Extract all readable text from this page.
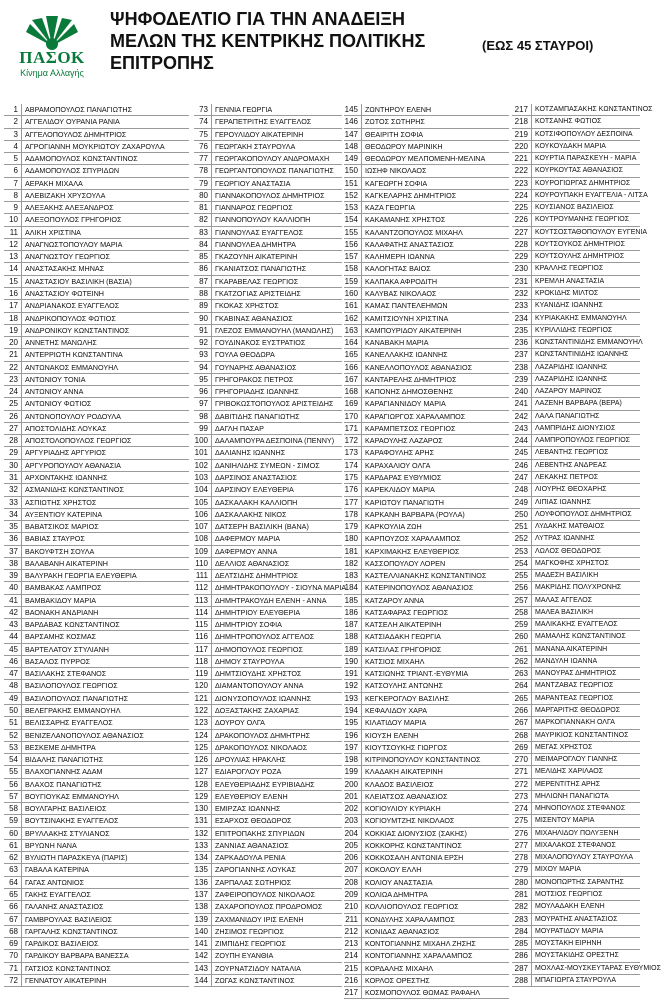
ΠΑΣΟΚ
Κίνημα Αλλαγής
ΨΗΦΟΔΕΛΤΙΟ ΓΙΑ ΤΗΝ ΑΝΑΔΕΙΞΗ
ΜΕΛΩΝ ΤΗΣ ΚΕΝΤΡΙΚΗΣ ΠΟΛΙΤΙΚΗΣ
ΕΠΙΤΡΟΠΗΣ
(ΕΩΣ 45 ΣΤΑΥΡΟΙ)
1 ΑΒΡΑΜΟΠΟΥΛΟΣ ΠΑΝΑΓΙΩΤΗΣ
2 ΑΓΓΕΛΙΔΟΥ ΟΥΡΑΝΙΑ ΡΑΝΙΑ
3 ΑΓΓΕΛΟΠΟΥΛΟΣ ΔΗΜΗΤΡΙΟΣ
4 ΑΓΡΟΓΙΑΝΝΗ ΜΟΥΚΡΙΩΤΟΥ ΖΑΧΑΡΟΥΛΑ
5 ΑΔΑΜΟΠΟΥΛΟΣ ΚΩΝΣΤΑΝΤΙΝΟΣ
6 ΑΔΑΜΟΠΟΥΛΟΣ ΣΠΥΡΙΔΩΝ
7 ΑΕΡΑΚΗ ΜΙΧΑΛΑ
8 ΑΛΕΒΙΖΑΚΗ ΧΡΥΣΟΥΛΑ
9 ΑΛΕΞΑΚΗΣ ΑΛΕΞΑΝΔΡΟΣ
10 ΑΛΕΞΟΠΟΥΛΟΣ ΓΡΗΓΟΡΙΟΣ
11 ΑΛΙΚΗ ΧΡΙΣΤΙΝΑ
12 ΑΝΑΓΝΩΣΤΟΠΟΥΛΟΥ ΜΑΡΙΑ
13 ΑΝΑΓΝΩΣΤΟΥ ΓΕΩΡΓΙΟΣ
14 ΑΝΑΣΤΑΣΑΚΗΣ ΜΗΝΑΣ
15 ΑΝΑΣΤΑΣΙΟΥ ΒΑΣΙΛΙΚΗ (ΒΑΣΙΑ)
16 ΑΝΑΣΤΑΣΙΟΥ ΦΩΤΕΙΝΗ
17 ΑΝΔΡΙΑΝΑΚΟΣ ΕΥΑΓΓΕΛΟΣ
18 ΑΝΔΡΙΚΟΠΟΥΛΟΣ ΦΩΤΙΟΣ
19 ΑΝΔΡΟΝΙΚΟΥ ΚΩΝΣΤΑΝΤΙΝΟΣ
20 ΑΝΝΕΤΗΣ ΜΑΝΩΛΗΣ
21 ΑΝΤΕΡΡΙΩΤΗ ΚΩΝΣΤΑΝΤΙΝΑ
22 ΑΝΤΩΝΑΚΟΣ ΕΜΜΑΝΟΥΗΛ
23 ΑΝΤΩΝΙΟΥ ΤΟΝΙΑ
24 ΑΝΤΩΝΙΟΥ ΑΝΝΑ
25 ΑΝΤΩΝΙΟΥ ΦΩΤΙΟΣ
26 ΑΝΤΩΝΟΠΟΥΛΟΥ ΡΟΔΟΥΛΑ
27 ΑΠΟΣΤΟΛΙΔΗΣ ΛΟΥΚΑΣ
28 ΑΠΟΣΤΟΛΟΠΟΥΛΟΣ ΓΕΩΡΓΙΟΣ
29 ΑΡΓΥΡΙΑΔΗΣ ΑΡΓΥΡΙΟΣ
30 ΑΡΓΥΡΟΠΟΥΛΟΥ ΑΘΑΝΑΣΙΑ
31 ΑΡΧΟΝΤΑΚΗΣ ΙΩΑΝΝΗΣ
32 ΑΣΜΑΝΙΔΗΣ ΚΩΝΣΤΑΝΤΙΝΟΣ
33 ΑΣΠΙΩΤΗΣ ΧΡΗΣΤΟΣ
34 ΑΥΞΕΝΤΙΟΥ ΚΑΤΕΡΙΝΑ
35 ΒΑΒΑΤΣΙΚΟΣ ΜΑΡΙΟΣ
36 ΒΑΒΙΑΣ ΣΤΑΥΡΟΣ
37 ΒΑΚΟΥΦΤΣΗ ΣΟΥΛΑ
38 ΒΑΛΑΒΑΝΗ ΑΙΚΑΤΕΡΙΝΗ
39 ΒΑΛΥΡΑΚΗ ΓΕΩΡΓΙΑ ΕΛΕΥΘΕΡΙΑ
40 ΒΑΜΒΑΚΑΣ ΛΑΜΠΡΟΣ
41 ΒΑΜΒΑΚΙΔΟΥ ΜΑΡΙΑ
42 ΒΑΟΝΑΚΗ ΑΝΔΡΙΑΝΗ
43 ΒΑΡΔΑΒΑΣ ΚΩΝΣΤΑΝΤΙΝΟΣ
44 ΒΑΡΣΑΜΗΣ ΚΟΣΜΑΣ
45 ΒΑΡΤΕΛΑΤΟΥ ΣΤΥΛΙΑΝΗ
46 ΒΑΣΑΛΟΣ ΠΥΡΡΟΣ
47 ΒΑΣΙΛΑΚΗΣ ΣΤΕΦΑΝΟΣ
48 ΒΑΣΙΛΟΠΟΥΛΟΣ ΓΕΩΡΓΙΟΣ
49 ΒΑΣΙΛΟΠΟΥΛΟΣ ΠΑΝΑΓΙΩΤΗΣ
50 ΒΕΛΕΓΡΑΚΗΣ ΕΜΜΑΝΟΥΗΛ
51 ΒΕΛΙΣΣΑΡΗΣ ΕΥΑΓΓΕΛΟΣ
52 ΒΕΝΙΖΕΛΑΝΟΠΟΥΛΟΣ ΑΘΑΝΑΣΙΟΣ
53 ΒΕΣΚΕΜΕ ΔΗΜΗΤΡΑ
54 ΒΙΔΑΛΗΣ ΠΑΝΑΓΙΩΤΗΣ
55 ΒΛΑΧΟΓΙΑΝΝΗΣ ΑΔΑΜ
56 ΒΛΑΧΟΣ ΠΑΝΑΓΙΩΤΗΣ
57 ΒΟΥΓΙΟΥΚΑΣ ΕΜΜΑΝΟΥΗΛ
58 ΒΟΥΛΓΑΡΗΣ ΒΑΣΙΛΕΙΟΣ
59 ΒΟΥΤΣΙΝΑΚΗΣ ΕΥΑΓΓΕΛΟΣ
60 ΒΡΥΛΛΑΚΗΣ ΣΤΥΛΙΑΝΟΣ
61 ΒΡΥΩΝΗ ΝΑΝΑ
62 ΒΥΛΙΩΤΗ ΠΑΡΑΣΚΕΥΑ (ΠΑΡΙΣ)
63 ΓΑΒΑΛΑ ΚΑΤΕΡΙΝΑ
64 ΓΑΓΑΣ ΑΝΤΩΝΙΟΣ
65 ΓΑΚΗΣ ΕΥΑΓΓΕΛΟΣ
66 ΓΑΛΑΝΗΣ ΑΝΑΣΤΑΣΙΟΣ
67 ΓΑΜΒΡΟΥΛΑΣ ΒΑΣΙΛΕΙΟΣ
68 ΓΑΡΓΑΛΗΣ ΚΩΝΣΤΑΝΤΙΝΟΣ
69 ΓΑΡΔΙΚΟΣ ΒΑΣΙΛΕΙΟΣ
70 ΓΑΡΔΙΚΟΥ ΒΑΡΒΑΡΑ ΒΑΝΕΣΣΑ
71 ΓΑΤΣΙΟΣ ΚΩΝΣΤΑΝΤΙΝΟΣ
72 ΓΕΝΝΑΤΟΥ ΑΙΚΑΤΕΡΙΝΗ
73 ΓΕΝΝΙΑ ΓΕΩΡΓΙΑ
74 ΓΕΡΑΠΕΤΡΙΤΗΣ ΕΥΑΓΓΕΛΟΣ
75 ΓΕΡΟΥΛΙΔΟΥ ΑΙΚΑΤΕΡΙΝΗ
76 ΓΕΩΡΓΑΚΗ ΣΤΑΥΡΟΥΛΑ
77 ΓΕΩΡΓΑΚΟΠΟΥΛΟΥ ΑΝΔΡΟΜΑΧΗ
78 ΓΕΩΡΓΑΝΤΟΠΟΥΛΟΣ ΠΑΝΑΓΙΩΤΗΣ
79 ΓΕΩΡΓΙΟΥ ΑΝΑΣΤΑΣΙΑ
80 ΓΙΑΝΝΑΚΟΠΟΥΛΟΣ ΔΗΜΗΤΡΙΟΣ
81 ΓΙΑΝΝΑΡΟΣ ΓΕΩΡΓΙΟΣ
82 ΓΙΑΝΝΟΠΟΥΛΟΥ ΚΑΛΛΙΟΠΗ
83 ΓΙΑΝΝΟΥΛΑΣ ΕΥΑΓΓΕΛΟΣ
84 ΓΙΑΝΝΟΥΛΕΑ ΔΗΜΗΤΡΑ
85 ΓΚΑΖΟΥΝΗ ΑΙΚΑΤΕΡΙΝΗ
86 ΓΚΑΝΙΑΤΣΟΣ ΠΑΝΑΓΙΩΤΗΣ
87 ΓΚΑΡΑΒΕΛΑΣ ΓΕΩΡΓΙΟΣ
88 ΓΚΑΤΖΟΓΙΑΣ ΑΡΙΣΤΕΙΔΗΣ
89 ΓΚΟΚΑΣ ΧΡΗΣΤΟΣ
90 ΓΚΑΒΙΝΑΣ ΑΘΑΝΑΣΙΟΣ
91 ΓΛΕΖΟΣ ΕΜΜΑΝΟΥΗΛ (ΜΑΝΩΛΗΣ)
92 ΓΟΥΔΙΝΑΚΟΣ ΕΥΣΤΡΑΤΙΟΣ
93 ΓΟΥΛΑ ΘΕΟΔΩΡΑ
94 ΓΟΥΝΑΡΗΣ ΑΘΑΝΑΣΙΟΣ
95 ΓΡΗΓΟΡΑΚΟΣ ΠΕΤΡΟΣ
96 ΓΡΗΓΟΡΙΑΔΗΣ ΙΩΑΝΝΗΣ
97 ΓΡΙΒΟΚΩΣΤΟΠΟΥΛΟΣ ΑΡΙΣΤΕΙΔΗΣ
98 ΔΑΒΙΤΙΔΗΣ ΠΑΝΑΓΙΩΤΗΣ
99 ΔΑΓΛΗ ΠΑΣΑΡ
100 ΔΑΛΑΜΠΟΥΡΑ ΔΕΣΠΟΙΝΑ (ΠΕΝΝΥ)
101 ΔΑΛΙΑΝΗΣ ΙΩΑΝΝΗΣ
102 ΔΑΝΙΗΛΙΔΗΣ ΣΥΜΕΩΝ - ΣΙΜΟΣ
103 ΔΑΡΣΙΝΟΣ ΑΝΑΣΤΑΣΙΟΣ
104 ΔΑΡΣΙΝΟΥ ΕΛΕΥΘΕΡΙΑ
105 ΔΑΣΚΑΛΑΚΗ ΚΑΛΛΙΟΠΗ
106 ΔΑΣΚΑΛΑΚΗΣ ΝΙΚΟΣ
107 ΔΑΤΣΕΡΗ ΒΑΣΙΛΙΚΗ (ΒΑΝΑ)
108 ΔΑΦΕΡΜΟΥ ΜΑΡΙΑ
109 ΔΑΦΕΡΜΟΥ ΑΝΝΑ
110 ΔΕΛΛΙΟΣ ΑΘΑΝΑΣΙΟΣ
111 ΔΕΛΤΣΙΔΗΣ ΔΗΜΗΤΡΙΟΣ
112 ΔΗΜΗΤΡΑΚΟΠΟΥΛΟΥ - ΣΙΟΥΝΑ ΜΑΡΙΑ
113 ΔΗΜΗΤΡΑΚΟΥΔΗ ΕΛΕΝΗ - ΑΝΝΑ
114 ΔΗΜΗΤΡΙΟΥ ΕΛΕΥΘΕΡΙΑ
115 ΔΗΜΗΤΡΙΟΥ ΣΟΦΙΑ
116 ΔΗΜΗΤΡΟΠΟΥΛΟΣ ΑΓΓΕΛΟΣ
117 ΔΗΜΟΠΟΥΛΟΣ ΓΕΩΡΓΙΟΣ
118 ΔΗΜΟΥ ΣΤΑΥΡΟΥΛΑ
119 ΔΗΜΤΣΙΟΥΔΗΣ ΧΡΗΣΤΟΣ
120 ΔΙΑΜΑΝΤΟΠΟΥΛΟΥ ΑΝΝΑ
121 ΔΙΟΝΥΣΟΠΟΥΛΟΣ ΙΩΑΝΝΗΣ
122 ΔΟΞΑΣΤΑΚΗΣ ΖΑΧΑΡΙΑΣ
123 ΔΟΥΡΟΥ ΟΛΓΑ
124 ΔΡΑΚΟΠΟΥΛΟΣ ΔΗΜΗΤΡΗΣ
125 ΔΡΑΚΟΠΟΥΛΟΣ ΝΙΚΟΛΑΟΣ
126 ΔΡΟΥΛΙΑΣ ΗΡΑΚΛΗΣ
127 ΕΔΙΑΡΟΓΛΟΥ ΡΟΖΑ
128 ΕΛΕΥΘΕΡΙΑΔΗΣ ΕΥΡΙΒΙΑΔΗΣ
129 ΕΛΕΥΘΕΡΙΟΥ ΕΛΕΝΗ
130 ΕΜΙΡΖΑΣ ΙΩΑΝΝΗΣ
131 ΕΣΑΡΧΟΣ ΘΕΟΔΩΡΟΣ
132 ΕΠΙΤΡΟΠΑΚΗΣ ΣΠΥΡΙΔΩΝ
133 ΖΑΝΝΙΑΣ ΑΘΑΝΑΣΙΟΣ
134 ΖΑΡΚΑΔΟΥΛΑ ΡΕΝΙΑ
135 ΖΑΡΟΓΙΑΝΝΗΣ ΛΟΥΚΑΣ
136 ΖΑΡΠΑΛΑΣ ΣΩΤΗΡΙΟΣ
137 ΖΑΦΕΙΡΟΠΟΥΛΟΣ ΝΙΚΟΛΑΟΣ
138 ΖΑΧΑΡΟΠΟΥΛΟΣ ΠΡΟΔΡΟΜΟΣ
139 ΖΑΧΜΑΝΙΔΟΥ ΙΡΙΣ ΕΛΕΝΗ
140 ΖΗΣΙΜΟΣ ΓΕΩΡΓΙΟΣ
141 ΖΙΜΠΙΔΗΣ ΓΕΩΡΓΙΟΣ
142 ΖΟΥΠΗ ΕΥΑΝΘΙΑ
143 ΖΟΥΡΝΑΤΖΙΔΟΥ ΝΑΤΑΛΙΑ
144 ΖΩΓΑΣ ΚΩΝΣΤΑΝΤΙΝΟΣ
145 ΖΩΝΤΗΡΟΥ ΕΛΕΝΗ
146 ΖΩΤΟΣ ΣΩΤΗΡΗΣ
147 ΘΕΑΙΡΙΤΗ ΣΟΦΙΑ
148 ΘΕΟΔΩΡΟΥ ΜΑΡΙΝΙΚΗ
149 ΘΕΟΔΩΡΟΥ ΜΕΛΠΟΜΕΝΗ-ΜΕΛΙΝΑ
150 ΙΩΣΗΦ ΝΙΚΟΛΑΟΣ
151 ΚΑΓΕΩΡΓΗ ΣΟΦΙΑ
152 ΚΑΓΚΕΛΑΡΗΣ ΔΗΜΗΤΡΙΟΣ
153 ΚΑΖΑ ΓΕΩΡΓΙΑ
154 ΚΑΚΑΜΑΝΗΣ ΧΡΗΣΤΟΣ
155 ΚΑΛΑΝΤΖΟΠΟΥΛΟΣ ΜΙΧΑΗΛ
156 ΚΑΛΑΦΑΤΗΣ ΑΝΑΣΤΑΣΙΟΣ
157 ΚΑΛΗΜΕΡΗ ΙΩΑΝΝΑ
158 ΚΑΛΟΓΗΤΑΣ ΒΑΙΟΣ
159 ΚΑΛΠΑΚΑ ΑΦΡΟΔΙΤΗ
160 ΚΑΛΥΒΑΣ ΝΙΚΟΛΑΟΣ
161 ΚΑΜΑΣ ΠΑΝΤΕΛΕΗΜΩΝ
162 ΚΑΜΙΤΣΙΟΥΝΗ ΧΡΙΣΤΙΝΑ
163 ΚΑΜΠΟΥΡΙΔΟΥ ΑΙΚΑΤΕΡΙΝΗ
164 ΚΑΝΑΒΑΚΗ ΜΑΡΙΑ
165 ΚΑΝΕΛΛΑΚΗΣ ΙΩΑΝΝΗΣ
166 ΚΑΝΕΛΛΟΠΟΥΛΟΣ ΑΘΑΝΑΣΙΟΣ
167 ΚΑΝΤΑΡΕΛΗΣ ΔΗΜΗΤΡΙΟΣ
168 ΚΑΠΟΝΗΣ ΔΗΜΟΣΘΕΝΗΣ
169 ΚΑΡΑΓΙΑΝΝΙΔΟΥ ΜΑΡΙΑ
170 ΚΑΡΑΓΙΩΡΓΟΣ ΧΑΡΑΛΑΜΠΟΣ
171 ΚΑΡΑΜΠΕΤΣΟΣ ΓΕΩΡΓΙΟΣ
172 ΚΑΡΑΟΥΛΗΣ ΛΑΖΑΡΟΣ
173 ΚΑΡΑΦΟΥΛΗΣ ΑΡΗΣ
174 ΚΑΡΑΧΑΛΙΟΥ ΟΛΓΑ
175 ΚΑΡΔΑΡΑΣ ΕΥΘΥΜΙΟΣ
176 ΚΑΡΕΚΛΙΔΟΥ ΜΑΡΙΑ
177 ΚΑΡΙΩΤΟΥ ΠΑΝΑΓΙΩΤΗ
178 ΚΑΡΚΑΝΗ ΒΑΡΒΑΡΑ (ΡΟΥΛΑ)
179 ΚΑΡΚΟΥΛΙΑ ΖΩΗ
180 ΚΑΡΠΟΥΖΟΣ ΧΑΡΑΛΑΜΠΟΣ
181 ΚΑΡΧΙΜΑΚΗΣ ΕΛΕΥΘΕΡΙΟΣ
182 ΚΑΣΣΟΠΟΥΛΟΥ ΛΟΡΕΝ
183 ΚΑΣΤΕΛΛΙΑΝΑΚΗΣ ΚΩΝΣΤΑΝΤΙΝΟΣ
184 ΚΑΤΕΡΙΝΟΠΟΥΛΟΣ ΑΘΑΝΑΣΙΟΣ
185 ΚΑΤΖΑΡΟΥ ΑΝΝΑ
186 ΚΑΤΣΑΦΑΡΑΣ ΓΕΩΡΓΙΟΣ
187 ΚΑΤΣΕΛΗ ΑΙΚΑΤΕΡΙΝΗ
188 ΚΑΤΣΙΑΔΑΚΗ ΓΕΩΡΓΙΑ
189 ΚΑΤΣΙΛΑΣ ΓΡΗΓΟΡΙΟΣ
190 ΚΑΤΣΙΟΣ ΜΙΧΑΗΛ
191 ΚΑΤΣΙΩΝΗΣ ΤΡΙΑΝΤ.-ΕΥΘΥΜΙΑ
192 ΚΑΤΣΟΥΛΗΣ ΑΝΤΩΝΗΣ
193 ΚΕΓΚΕΡΟΓΛΟΥ ΒΑΣΙΛΗΣ
194 ΚΕΦΑΛΙΔΟΥ ΧΑΡΑ
195 ΚΙΛΑΤΙΔΟΥ ΜΑΡΙΑ
196 ΚΙΟΥΣΗ ΕΛΕΝΗ
197 ΚΙΟΥΤΣΟΥΚΗΣ ΓΙΩΡΓΟΣ
198 ΚΙΤΡΙΝΟΠΟΥΛΟΥ ΚΩΝΣΤΑΝΤΙΝΟΣ
199 ΚΛΑΔΑΚΗ ΑΙΚΑΤΕΡΙΝΗ
200 ΚΛΑΔΟΣ ΒΑΣΙΛΕΙΟΣ
201 ΚΛΕΙΑΤΣΟΣ ΑΘΑΝΑΣΙΟΣ
202 ΚΟΓΙΟΥΛΙΟΥ ΚΥΡΙΑΚΗ
203 ΚΟΓΙΟΥΜΤΖΗΣ ΝΙΚΟΛΑΟΣ
204 ΚΟΚΚΙΑΣ ΔΙΟΝΥΣΙΟΣ (ΣΑΚΗΣ)
205 ΚΟΚΚΟΡΗΣ ΚΩΝΣΤΑΝΤΙΝΟΣ
206 ΚΟΚΚΟΣΑΛΗ ΑΝΤΩΝΙΑ ΕΡΣΗ
207 ΚΟΚΟΛΟΥ ΕΛΛΗ
208 ΚΟΛΙΟΥ ΑΝΑΣΤΑΣΙΑ
209 ΚΟΛΙΩΑ ΔΗΜΗΤΡΑ
210 ΚΟΛΛΙΟΠΟΥΛΟΣ ΓΕΩΡΓΙΟΣ
211 ΚΟΝΔΥΛΗΣ ΧΑΡΑΛΑΜΠΟΣ
212 ΚΟΝΙΔΑΣ ΑΘΑΝΑΣΙΟΣ
213 ΚΟΝΤΟΓΙΑΝΝΗΣ ΜΙΧΑΗΛ ΖΗΣΗΣ
214 ΚΟΝΤΟΓΙΑΝΝΗΣ ΧΑΡΑΛΑΜΠΟΣ
215 ΚΟΡΔΑΛΗΣ ΜΙΧΑΗΛ
216 ΚΟΡΛΟΣ ΟΡΕΣΤΗΣ
217 ΚΟΣΜΟΠΟΥΛΟΣ ΘΩΜΑΣ ΡΑΦΑΗΛ
217	ΚΟΤΖΑΜΠΑΣΑΚΗΣ ΚΩΝΣΤΑΝΤΙΝΟΣ
218	ΚΟΤΣΑΝΗΣ ΦΩΤΙΟΣ
219	ΚΟΤΣΙΦΟΠΟΥΛΟΥ ΔΕΣΠΟΙΝΑ
220	ΚΟΥΚΟΥΔΑΚΗ ΜΑΡΙΑ
221	ΚΟΥΡΤΙΑ ΠΑΡΑΣΚΕΥΗ - ΜΑΡΙΑ
222	ΚΟΥΡΚΟΥΤΑΣ ΑΘΑΝΑΣΙΟΣ
223	ΚΟΥΡΟΓΙΩΡΓΑΣ ΔΗΜΗΤΡΙΟΣ
224	ΚΟΥΡΟΥΠΑΚΗ ΕΥΑΓΓΕΛΙΑ - ΛΙΤΣΑ
225	ΚΟΥΣΙΑΝΟΣ ΒΑΣΙΛΕΙΟΣ
226	ΚΟΥΤΡΟΥΜΑΝΗΣ ΓΕΩΡΓΙΟΣ
227	ΚΟΥΤΣΟΣΤΑΘΟΠΟΥΛΟΥ ΕΥΓΕΝΙΑ
228	ΚΟΥΤΣΟΥΚΟΣ ΔΗΜΗΤΡΙΟΣ
229	ΚΟΥΤΣΟΥΛΗΣ ΔΗΜΗΤΡΙΟΣ
230	ΚΡΑΛΛΗΣ ΓΕΩΡΓΙΟΣ
231	ΚΡΕΜΛΗ ΑΝΑΣΤΑΣΙΑ
232	ΚΡΟΚΙΔΗΣ ΜΙΛΤΟΣ
233	ΚΥΑΝΙΔΗΣ ΙΩΑΝΝΗΣ
234	ΚΥΡΙΑΚΑΚΗΣ ΕΜΜΑΝΟΥΗΛ
235	ΚΥΡΙΛΛΙΔΗΣ ΓΕΩΡΓΙΟΣ
236	ΚΩΝΣΤΑΝΤΙΝΙΔΗΣ ΕΜΜΑΝΟΥΗΛ
237	ΚΩΝΣΤΑΝΤΙΝΙΔΗΣ ΙΩΑΝΝΗΣ
238	ΛΑΖΑΡΙΔΗΣ ΙΩΑΝΝΗΣ
239	ΛΑΖΑΡΙΔΗΣ ΙΩΑΝΝΗΣ
240	ΛΑΖΑΡΟΥ ΜΑΡΙΝΟΣ
241	ΛΑΖΕΝΗ ΒΑΡΒΑΡΑ (ΒΕΡΑ)
242	ΛΑΛΑ ΠΑΝΑΓΙΩΤΗΣ
243	ΛΑΜΠΡΙΔΗΣ ΔΙΟΝΥΣΙΟΣ
244	ΛΑΜΠΡΟΠΟΥΛΟΣ ΓΕΩΡΓΙΟΣ
245	ΛΕΒΑΝΤΗΣ ΓΕΩΡΓΙΟΣ
246	ΛΕΒΕΝΤΗΣ ΑΝΔΡΕΑΣ
247	ΛΕΚΑΚΗΣ ΠΕΤΡΟΣ
248	ΛΙΟΥΡΗΣ ΘΕΟΧΑΡΗΣ
249	ΛΙΠΙΑΣ ΙΩΑΝΝΗΣ
250	ΛΟΥΦΟΠΟΥΛΟΣ ΔΗΜΗΤΡΙΟΣ
251	ΛΥΔΑΚΗΣ ΜΑΤΘΑΙΟΣ
252	ΛΥΤΡΑΣ ΙΩΑΝΝΗΣ
253	ΛΩΛΟΣ ΘΕΟΔΩΡΟΣ
254	ΜΑΓΚΟΦΗΣ ΧΡΗΣΤΟΣ
255	ΜΑΔΕΣΗ ΒΑΣΙΛΙΚΗ
256	ΜΑΚΡΙΔΗΣ ΠΟΛΥΧΡΟΝΗΣ
257	ΜΑΛΑΣ ΑΓΓΕΛΟΣ
258	ΜΑΛΕΑ ΒΑΣΙΛΙΚΗ
259	ΜΑΛΙΚΑΚΗΣ ΕΥΑΓΓΕΛΟΣ
260	ΜΑΜΑΛΗΣ ΚΩΝΣΤΑΝΤΙΝΟΣ
261	ΜΑΝΑΝΑ ΑΙΚΑΤΕΡΙΝΗ
262	ΜΑΝΔΥΛΗ ΙΩΑΝΝΑ
263	ΜΑΝΟΥΡΑΣ ΔΗΜΗΤΡΙΟΣ
264	ΜΑΝΤΖΑΒΑΣ ΓΕΩΡΓΙΟΣ
265	ΜΑΡΑΝΤΕΑΣ ΓΕΩΡΓΙΟΣ
266	ΜΑΡΓΑΡΙΤΗΣ ΘΕΟΔΩΡΟΣ
267	ΜΑΡΚΟΓΙΑΝΝΑΚΗ ΟΛΓΑ
268	ΜΑΥΡΙΚΙΟΣ ΚΩΝΣΤΑΝΤΙΝΟΣ
269	ΜΕΓΑΣ ΧΡΗΣΤΟΣ
270	ΜΕΙΜΑΡΟΓΛΟΥ ΓΙΑΝΝΗΣ
271	ΜΕΛΙΔΗΣ ΧΑΡΙΛΑΟΣ
272	ΜΕΡΕΝΤΙΤΗΣ ΑΡΗΣ
273	ΜΗΛΙΩΝΗ ΠΑΝΑΓΙΩΤΑ
274	ΜΗΝΟΠΟΥΛΟΣ ΣΤΕΦΑΝΟΣ
275	ΜΙΣΕΝΤΟΥ ΜΑΡΙΑ
276	ΜΙΧΑΗΛΙΔΟΥ ΠΟΛΥΞΕΝΗ
277	ΜΙΧΑΛΑΚΟΣ ΣΤΕΦΑΝΟΣ
278	ΜΙΧΑΛΟΠΟΥΛΟΥ ΣΤΑΥΡΟΥΛΑ
279	ΜΙΧΟΥ ΜΑΡΙΑ
280	ΜΟΝΟΠΩΡΤΗΣ ΣΑΡΑΝΤΗΣ
281	ΜΟΤΣΙΟΣ ΓΕΩΡΓΙΟΣ
282	ΜΟΥΛΑΔΑΚΗ ΕΛΕΝΗ
283	ΜΟΥΡΑΤΗΣ ΑΝΑΣΤΑΣΙΟΣ
284	ΜΟΥΡΑΤΙΔΟΥ ΜΑΡΙΑ
285	ΜΟΥΣΤΑΚΗ ΕΙΡΗΝΗ
286	ΜΟΥΣΤΑΚΙΔΗΣ ΟΡΕΣΤΗΣ
287	ΜΟΧΛΑΣ-ΜΟΥΣΚΕΥΤΑΡΑΣ ΕΥΘΥΜΙΟΣ
288	ΜΠΑΓΙΩΡΓΑ ΣΤΑΥΡΟΥΛΑ
